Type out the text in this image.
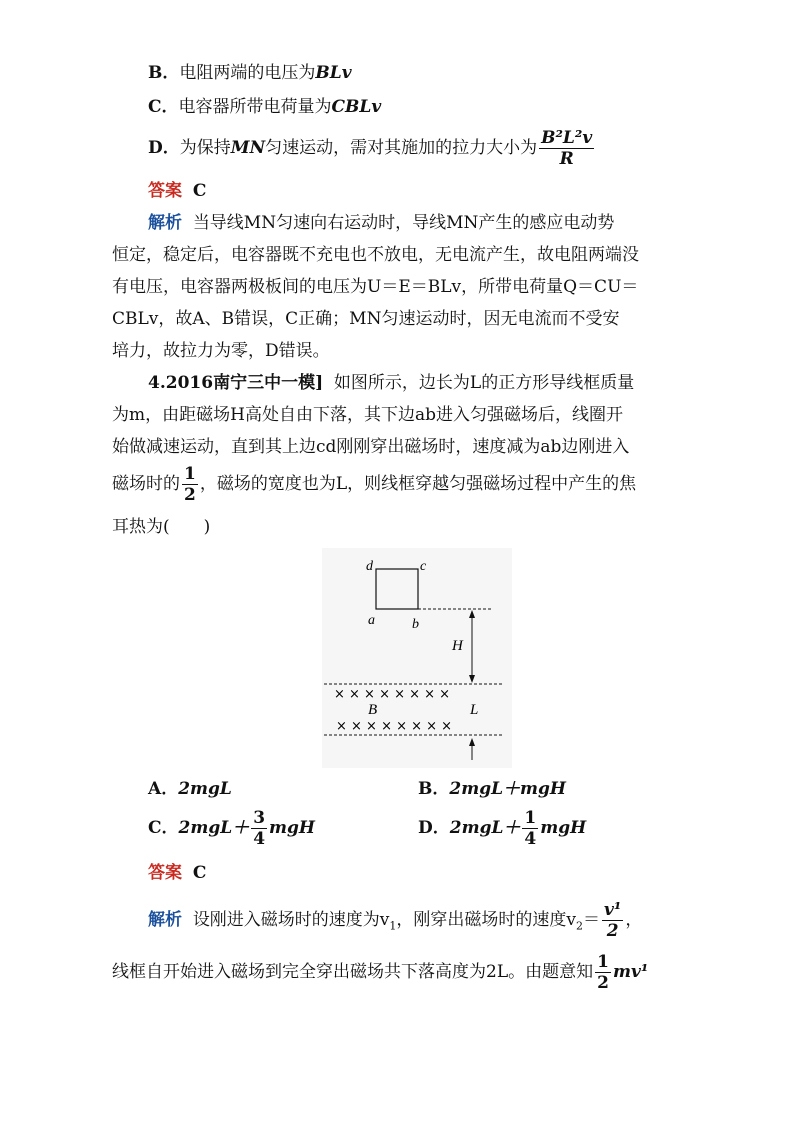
B．电阻两端的电压为BLv
C．电容器所带电荷量为CBLv
D．为保持MN匀速运动，需对其施加的拉力大小为 $\frac{\text{B²L²v}}{R}$
答案 C
解析 当导线MN匀速向右运动时，导线MN产生的感应电动势
恒定，稳定后，电容器既不充电也不放电，无电流产生，故电阻两端没
有电压，电容器两极板间的电压为U＝E＝BLv，所带电荷量Q＝CU＝
CBLv，故A、B错误，C正确；MN匀速运动时，因无电流而不受安
培力，故拉力为零，D错误。
4.2016南宁三中一模] 如图所示，边长为L的正方形导线框质量
为m，由距磁场H高处自由下落，其下边ab进入匀强磁场后，线圈开
始做减速运动，直到其上边cd刚刚穿出磁场时，速度减为ab边刚进入
磁场时的 $\frac{1}{2}$ ，磁场的宽度也为L，则线框穿越匀强磁场过程中产生的焦
耳热为(　　)
d	c
a	b
H
× × × × × × × ×
B	L
× × × × × × × ×
A．2mgL	B．2mgL＋mgH
C．$2mgL+ \frac{3}{4}$ mgH	D．$2mgL+ \frac{1}{4}$ mgH
答案 C
解析 设刚进入磁场时的速度为$v_1$，刚穿出磁场时的速度$v_2= \frac{\text{v¹}}{2}$ ，
线框自开始进入磁场到完全穿出磁场共下落高度为2L。由题意知 $\frac{1}{2} mv^1$
